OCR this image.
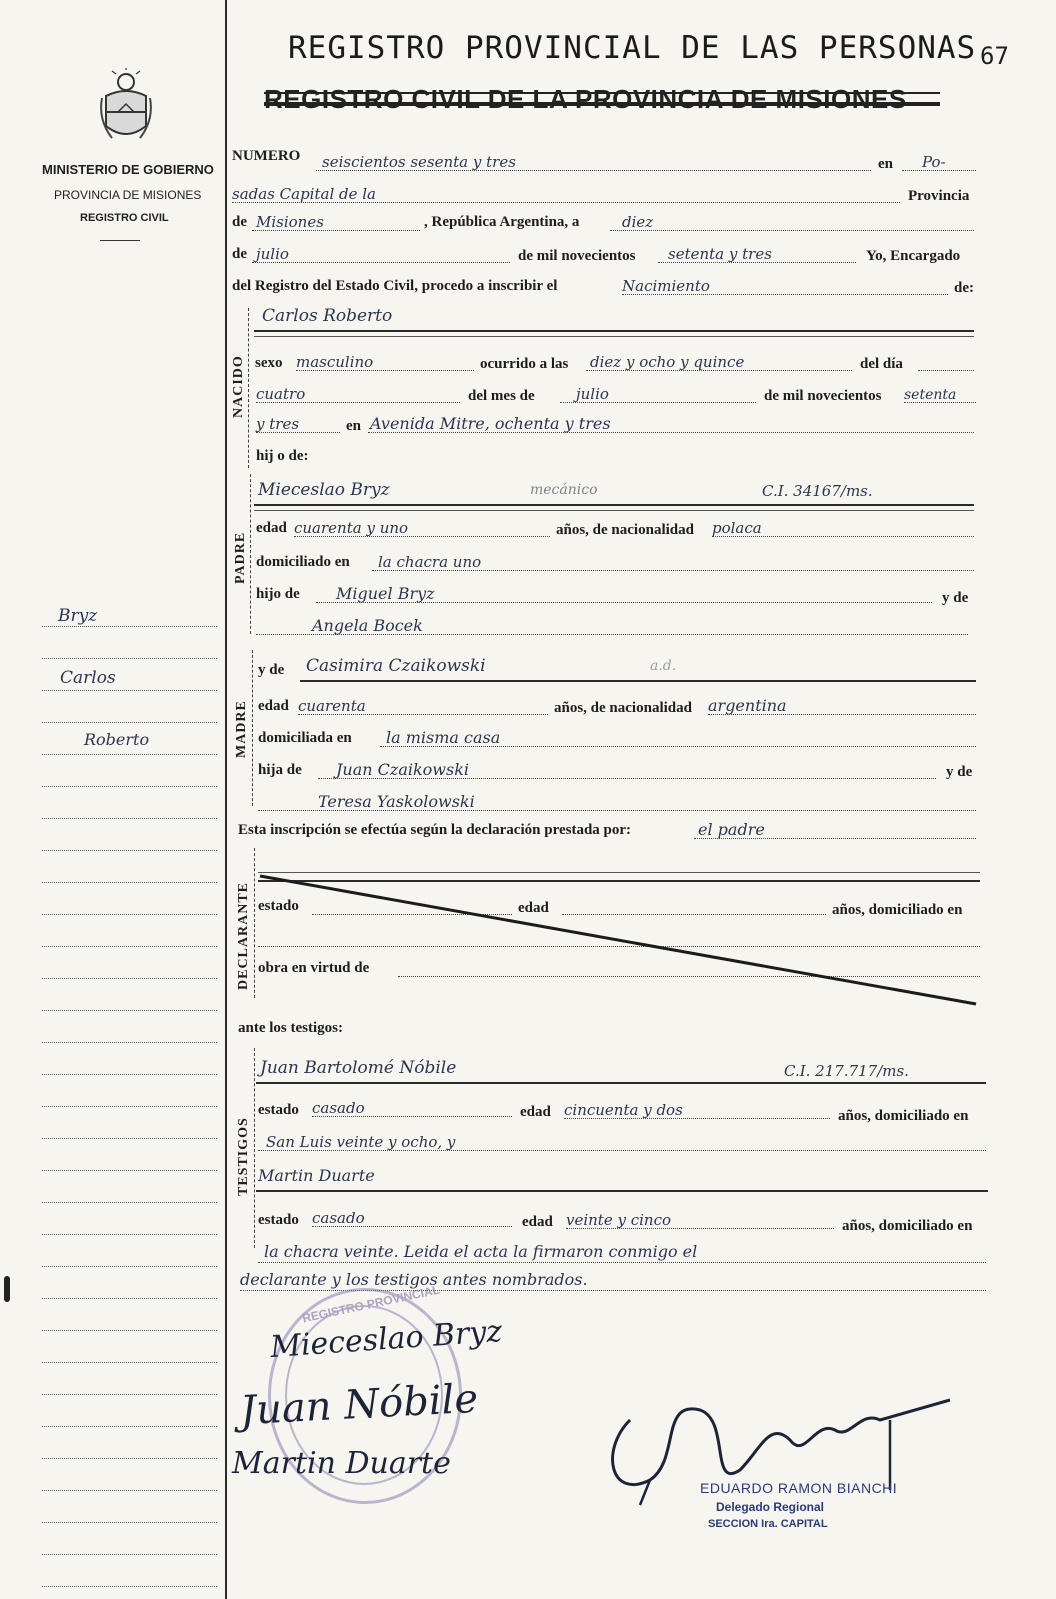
MINISTERIO DE GOBIERNO
PROVINCIA DE MISIONES
REGISTRO CIVIL
REGISTRO PROVINCIAL DE LAS PERSONAS
REGISTRO CIVIL DE LA PROVINCIA DE MISIONES
67
NUMERO	seiscientos sesenta y tres	en	Po-
sadas Capital de la	Provincia
de Misiones	, República Argentina, a	diez
de julio	de mil novecientos	setenta y tres	Yo, Encargado
del Registro del Estado Civil, procedo a inscribir el	Nacimiento	de:
NACIDO
Carlos Roberto
sexo masculino	ocurrido a las diez y ocho y quince	del día
cuatro	del mes de	julio	de mil novecientos setenta
y tres	en Avenida Mitre, ochenta y tres
hij o de:
PADRE
Mieceslao Bryz	mecánico	C.I. 34167/ms.
edad cuarenta y uno	años, de nacionalidad polaca
domiciliado en	la chacra uno
hijo de	Miguel Bryz	y de
Angela Bocek
MADRE
y de Casimira Czaikowski	a.d.
edad cuarenta	años, de nacionalidad argentina
domiciliada en	la misma casa
hija de	Juan Czaikowski	y de
Teresa Yaskolowski
Esta inscripción se efectúa según la declaración prestada por:	el padre
DECLARANTE estado	edad	años, domiciliado en
obra en virtud de
ante los testigos:
TESTIGOS
Juan Bartolomé Nóbile	C.I. 217.717/ms.
estado casado	edad cincuenta y dos	años, domiciliado en
San Luis veinte y ocho, y
Martin Duarte
estado casado	edad veinte y cinco	años, domiciliado en
la chacra veinte. Leida el acta la firmaron conmigo el
declarante y los testigos antes nombrados.
Bryz
Carlos
Roberto
REGISTRO PROVINCIAL
Mieceslao Bryz
Juan Nóbile
Martin Duarte
EDUARDO RAMON BIANCHI
Delegado Regional
SECCION Ira. CAPITAL
